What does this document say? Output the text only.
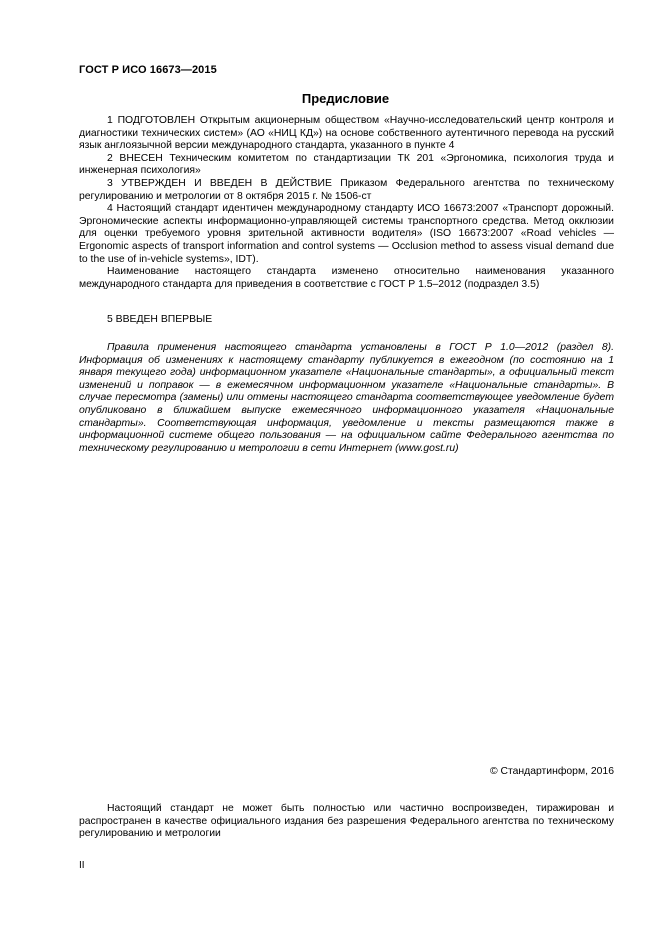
ГОСТ Р ИСО 16673—2015
Предисловие

1 ПОДГОТОВЛЕН Открытым акционерным обществом «Научно-исследовательский центр контроля и диагностики технических систем» (АО «НИЦ КД») на основе собственного аутентичного перевода на русский язык англоязычной версии международного стандарта, указанного в пункте 4

2 ВНЕСЕН Техническим комитетом по стандартизации ТК 201 «Эргономика, психология труда и инженерная психология»

3 УТВЕРЖДЕН И ВВЕДЕН В ДЕЙСТВИЕ Приказом Федерального агентства по техническому регулированию и метрологии от 8 октября 2015 г. № 1506-ст

4 Настоящий стандарт идентичен международному стандарту ИСО 16673:2007 «Транспорт дорожный. Эргономические аспекты информационно-управляющей системы транспортного средства. Метод окклюзии для оценки требуемого уровня зрительной активности водителя» (ISO 16673:2007 «Road vehicles — Ergonomic aspects of transport information and control systems — Occlusion method to assess visual demand due to the use of in-vehicle systems», IDT).

Наименование настоящего стандарта изменено относительно наименования указанного международного стандарта для приведения в соответствие с ГОСТ Р 1.5–2012 (подраздел 3.5)

5 ВВЕДЕН ВПЕРВЫЕ

Правила применения настоящего стандарта установлены в ГОСТ Р 1.0—2012 (раздел 8). Информация об изменениях к настоящему стандарту публикуется в ежегодном (по состоянию на 1 января текущего года) информационном указателе «Национальные стандарты», а официальный текст изменений и поправок — в ежемесячном информационном указателе «Национальные стандарты». В случае пересмотра (замены) или отмены настоящего стандарта соответствующее уведомление будет опубликовано в ближайшем выпуске ежемесячного информационного указателя «Национальные стандарты». Соответствующая информация, уведомление и тексты размещаются также в информационной системе общего пользования — на официальном сайте Федерального агентства по техническому регулированию и метрологии в сети Интернет (www.gost.ru)

© Стандартинформ, 2016

Настоящий стандарт не может быть полностью или частично воспроизведен, тиражирован и распространен в качестве официального издания без разрешения Федерального агентства по техническому регулированию и метрологии

II
